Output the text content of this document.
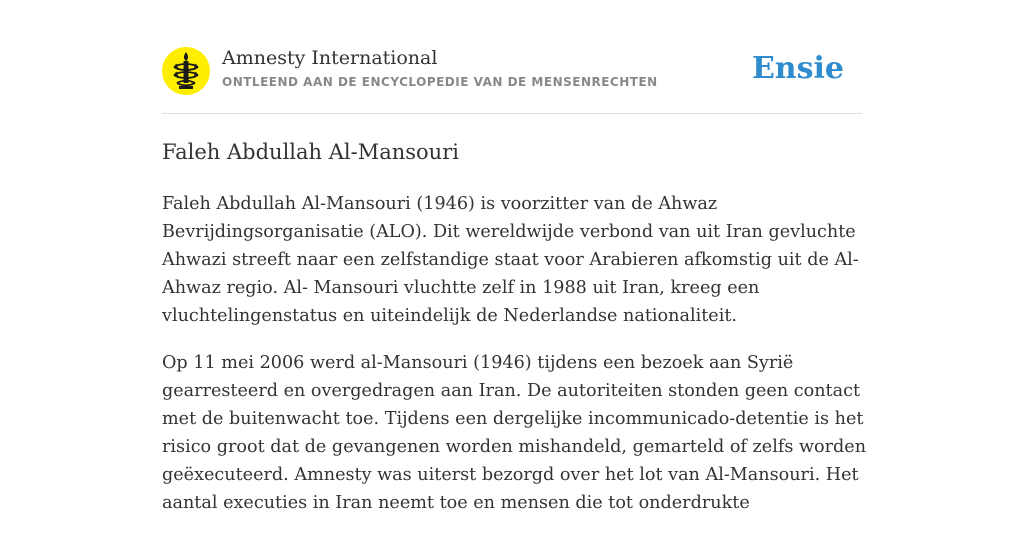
Amnesty International
ONTLEEND AAN DE ENCYCLOPEDIE VAN DE MENSENRECHTEN	Ensie
Faleh Abdullah Al-Mansouri

Faleh Abdullah Al-Mansouri (1946) is voorzitter van de Ahwaz Bevrijdingsorganisatie (ALO). Dit wereldwijde verbond van uit Iran gevluchte Ahwazi streeft naar een zelfstandige staat voor Arabieren afkomstig uit de Al-Ahwaz regio. Al- Mansouri vluchtte zelf in 1988 uit Iran, kreeg een vluchtelingenstatus en uiteindelijk de Nederlandse nationaliteit.

Op 11 mei 2006 werd al-Mansouri (1946) tijdens een bezoek aan Syrië gearresteerd en overgedragen aan Iran. De autoriteiten stonden geen contact met de buitenwacht toe. Tijdens een dergelijke incommunicado-detentie is het risico groot dat de gevangenen worden mishandeld, gemarteld of zelfs worden geëxecuteerd. Amnesty was uiterst bezorgd over het lot van Al-Mansouri. Het aantal executies in Iran neemt toe en mensen die tot onderdrukte
